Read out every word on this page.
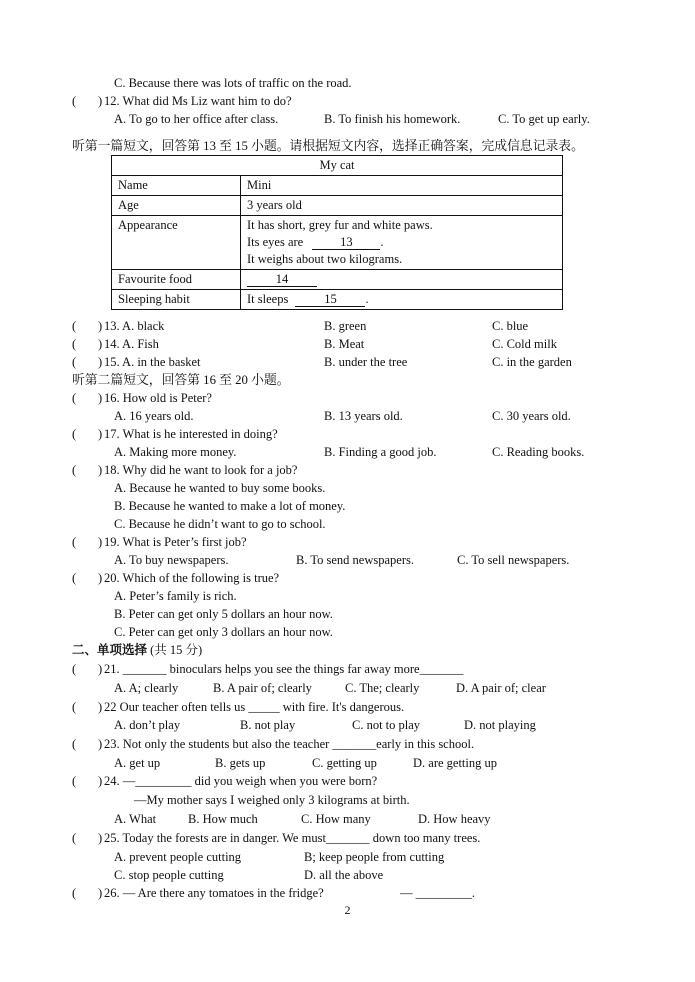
C. Because there was lots of traffic on the road.
(       ) 12. What did Ms Liz want him to do?
A. To go to her office after class.	B. To finish his homework.	C. To get up early.
听第一篇短文，回答第 13 至 15 小题。请根据短文内容，选择正确答案，完成信息记录表。
My cat	
Name	Mini
Age	3 years old
Appearance	It has short, grey fur and white paws.
Its eyes are 13 .
It weighs about two kilograms.

Favourite food	14
Sleeping habit	It sleeps 15 .
(       ) 13. A. black	B. green	C. blue
(       ) 14. A. Fish	B. Meat	C. Cold milk
(       ) 15. A. in the basket	B. under the tree	C. in the garden
听第二篇短文，回答第 16 至 20 小题。
(       ) 16. How old is Peter?
A. 16 years old.	B. 13 years old.	C. 30 years old.
(       ) 17. What is he interested in doing?
A. Making more money.	B. Finding a good job.	C. Reading books.
(       ) 18. Why did he want to look for a job?
A. Because he wanted to buy some books.
B. Because he wanted to make a lot of money.
C. Because he didn’t want to go to school.
(       ) 19. What is Peter’s first job?
A. To buy newspapers.	B. To send newspapers.	C. To sell newspapers.
(       ) 20. Which of the following is true?
A. Peter’s family is rich.
B. Peter can get only 5 dollars an hour now.
C. Peter can get only 3 dollars an hour now.
二、单项选择 (共 15 分)
(       ) 21. _______ binoculars helps you see the things far away more_______
A. A; clearly	B. A pair of; clearly	C. The; clearly	D. A pair of; clear
(       ) 22 Our teacher often tells us _____ with fire. It's dangerous.
A. don’t play	B. not play	C. not to play	D. not playing
(       ) 23. Not only the students but also the teacher _______early in this school.
A. get up	B. gets up	C. getting up	D. are getting up
(       ) 24. —_________ did you weigh when you were born?
—My mother says I weighed only 3 kilograms at birth.
A. What	B. How much	C. How many	D. How heavy
(       ) 25. Today the forests are in danger. We must_______ down too many trees.
A. prevent people cutting	B; keep people from cutting
C. stop people cutting	D. all the above
(       ) 26. — Are there any tomatoes in the fridge?	— _________.
2
